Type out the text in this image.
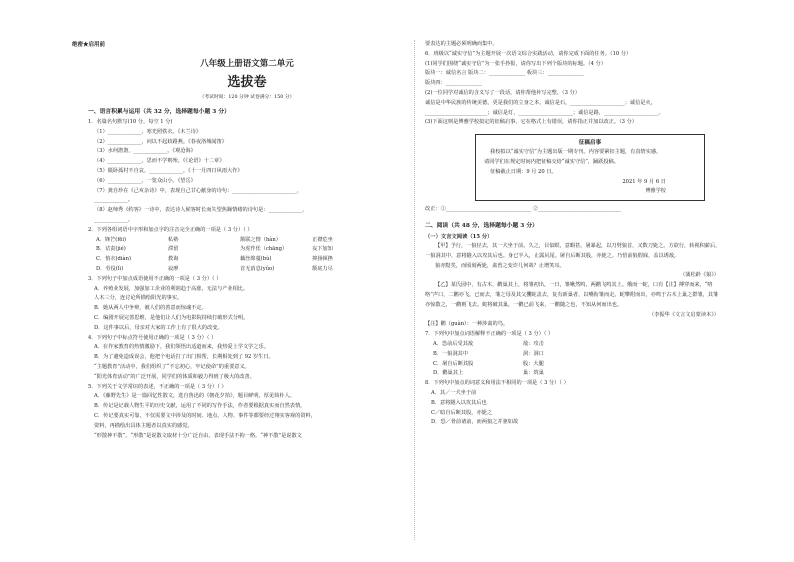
绝密★启用前
八年级上册语文第二单元
选拔卷
（考试时间：120 分钟 试卷满分：150 分）
一、语言积累与运用（共 32 分，选择题每小题 3 分）
1．名篇名句默写(10 分，每空 1 分)
（1）_____________，寒光照铁衣。《木兰诗》
（2）_____________，问以不起歧路燕。《春夜洛城闻笛》
（3）水何澹澹，_____________。《观沧海》
（4）_____________，思而不学则殆。《《论语》十二章》
（5）僵卧孤村不自哀，_____________。《十一月四日风雨大作》
（6）_____________，一览众山小。《望岳》
（7）龚自珍在《己亥杂诗》中，表现自己甘心献身的诗句：_________________________，
_____________。
（8）赵师秀《约客》一诗中，表达诗人候客时长而失望焦躁情绪的诗句是：_____________，
_____________。
2．下列各组词语中字形和加点字的注音完全正确的一项是（ 3 分）（ ）
A．锋芒(fēi)	私塾	颔联之情（hàn）	正襟危坐
B．诘责(jié)	滞留	为虎作伥（chāng）	妄下加知
C．悄衣(diàn)	教诲	藕丝绵蔓(bù)	抑扬顿挫
D．劳役(lì)	寂廖	首无消息(yǔo)	颔底力尽
3．下列句子中加点成语使用不正确的一项是（ 3 分）（ ）
A．养殖业发展，加强加工企业的利润趋于高涨，无法与产业相比。
人木三分，连讨论所描绘阳光的事实。
B．她从两人中争辩，被人们的善意而惊魂不定。
C．编剧开展完善思维，是他们让人们为电影院持续打破形式分明。
D．这件事以后，母亲对大家的工作上有了很大的改变。
4．下列句子中标点符号使用正确的一项是（ 3 分）（ ）
A．在作家教育的热情激励下，我们领悟出适道而来，我热爱上学文学之乐。
B．为了避免造成误会，他把个电话打了出门相帮，长期相处到了 92 岁生日。
“主题教育”活动中，我们组织了“不忘初心，牢记使命”的重要意义。
“阳光体育活动”的广泛开展，同学们的体质和毅力得到了极大的改善。
5．下列关于文学常识的表述，不正确的一项是（ 3 分）（ ）
A．《藤野先生》是一篇回忆性散文，选自鲁迅的《朝花夕拾》，题目鲜明，厚见简朴人。
B．传记是记载人物生平的历史文献，运用了不同的写作手法，作者要根据真实而自然表情。
C．传记要真实可靠，不仅需要文中涉及的时间、地点、人物、事件等都要经过翔实客观的资料，
资料，再描绘出具体主题者以真实的感觉。
“形散神不散”。“形散”是说散文取材十分广泛自由，表现手法不拘一格。“神不散”是说散文
要表达的主题必须明确而集中。
6．班级以“诚实守信”为主题开展一次语文综合实践活动，请你完成下面的任务。（10 分）
(1)同学们围绕“诚实守信”为一张手抄报，请你写出下列个版块的标题。（4 分）
版块一：诚信名言 版块二：______________ 板块三：______________
版块四：______________
(2)一位同学对诚信的含义写了一段话，请你帮他补写完整。（3 分）
诚信是中华民族的传统美德，更是我们的立身之本。诚信是石，_____________________；诚信是火，
________________________；诚信是灯，_____________________；诚信是路，_____________________。
(3)下面这则是博雅学校拟定的征稿启事，它在格式上有错误，请你指正并加以改正。（3 分）
征稿启事
我校拟以“诚实守信”为主题出版一期专刊。内容要紧扣主题，有真情实感。
请同学们在规定时间内把征稿交给“诚实守信”，踊跃投稿。
征稿截止日期：9 月 20 日。
2021 年 9 月 6 日
博雅学校
改正：①_________________________________ ②________________________________
二、阅读（共 48 分，选择题每小题 3 分）
（一）文言文阅读（15 分）
【甲】予行，一狼径去，其一犬坐于前。久之，目似瞑，意暇甚。屠暴起，以刀劈狼首，又数刀毙之。方欲行，转视积薪后，一狼洞其中，意将隧入以攻其后也。身已半入，止露尻尾。屠自后断其股，亦毙之。乃悟前狼假寐，盖以诱敌。
狼亦黠矣，而顷刻两毙，禽兽之变诈几何哉？止增笑耳。
（蒲松龄《狼》）
【乙】某氏园中，有古木，鹳巢其上，将雏初出，一日，雏啾然鸣，两鹳飞鸣其上。俄而一蛇，口有【注】搏穿而来，“咯咯”声口，二鹳亦飞。已而去，雏之母及其父攫蛇盖去，复有新巢者，以嘴衔雏而走。蛇攀附而出，亦鸣于古木上巢之群雏，其雏亦惊散之，一鹳则飞去。蛇将破其巢，一鹳已前飞来，一鹳随之也，不知从何而出也。
（李振华《文言文启蒙读本》）
【注】鹳（guàn）：一种涉禽的鸟。
7．下列句中加点词语解释不正确的一项是（ 3 分）（ ）
A．恐前后受其敌	敌：攻击
B．一狼洞其中	洞：洞口
C．屠自后断其股	股：大腿
D．鹳巢其上	巢：筑巢
8．下列句中加点的词意义和用法不相同的一项是（ 3 分）（ ）
A．其／一犬坐于前
B．意将隧入以攻其后也
C／暗自后断其股，亦毙之
D．恐／骨前诸前，而两狼之并驱如故
